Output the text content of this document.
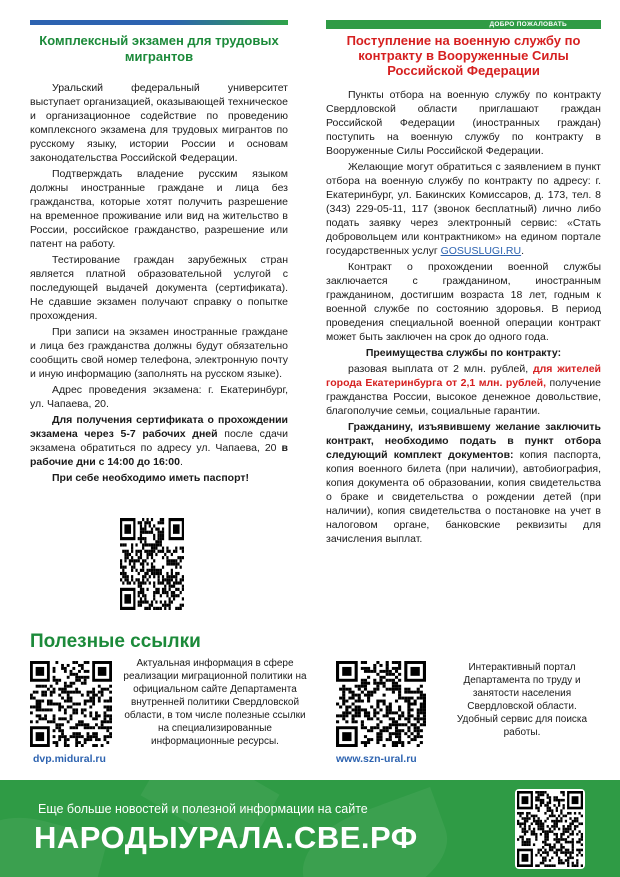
Комплексный экзамен для трудовых мигрантов

Уральский федеральный университет выступает организацией, оказывающей техническое и организационное содействие по проведению комплексного экзамена для трудовых мигрантов по русскому языку, истории России и основам законодательства Российской Федерации.

Подтверждать владение русским языком должны иностранные граждане и лица без гражданства, которые хотят получить разрешение на временное проживание или вид на жительство в России, российское гражданство, разрешение или патент на работу.

Тестирование граждан зарубежных стран является платной образовательной услугой с последующей выдачей документа (сертификата). Не сдавшие экзамен получают справку о попытке прохождения.

При записи на экзамен иностранные граждане и лица без гражданства должны будут обязательно сообщить свой номер телефона, электронную почту и иную информацию (заполнять на русском языке).

Адрес проведения экзамена: г. Екатеринбург, ул. Чапаева, 20.

Для получения сертификата о прохождении экзамена через 5-7 рабочих дней после сдачи экзамена обратиться по адресу ул. Чапаева, 20 в рабочие дни с 14:00 до 16:00.

При себе необходимо иметь паспорт!

ДОБРО ПОЖАЛОВАТЬ
Поступление на военную службу по контракту в Вооруженные Силы Российской Федерации

Пункты отбора на военную службу по контракту Свердловской области приглашают граждан Российской Федерации (иностранных граждан) поступить на военную службу по контракту в Вооруженные Силы Российской Федерации.

Желающие могут обратиться с заявлением в пункт отбора на военную службу по контракту по адресу: г. Екатеринбург, ул. Бакинских Комиссаров, д. 173, тел. 8 (343) 229-05-11, 117 (звонок бесплатный) лично либо подать заявку через электронный сервис: «Стать добровольцем или контрактником» на едином портале государственных услуг GOSUSLUGI.RU.

Контракт о прохождении военной службы заключается с гражданином, иностранным гражданином, достигшим возраста 18 лет, годным к военной службе по состоянию здоровья. В период проведения специальной военной операции контракт может быть заключен на срок до одного года.

Преимущества службы по контракту:

разовая выплата от 2 млн. рублей, для жителей города Екатеринбурга от 2,1 млн. рублей, получение гражданства России, высокое денежное довольствие, благополучие семьи, социальные гарантии.

Гражданину, изъявившему желание заключить контракт, необходимо подать в пункт отбора следующий комплект документов: копия паспорта, копия военного билета (при наличии), автобиография, копия документа об образовании, копия свидетельства о браке и свидетельства о рождении детей (при наличии), копия свидетельства о постановке на учет в налоговом органе, банковские реквизиты для зачисления выплат.

Полезные ссылки
Актуальная информация в сфере реализации миграционной политики на официальном сайте Департамента внутренней политики Свердловской области, в том числе полезные ссылки на специализированные информационные ресурсы.
dvp.midural.ru
Интерактивный портал Департамента по труду и занятости населения Свердловской области. Удобный сервис для поиска работы.
www.szn-ural.ru
Еще больше новостей и полезной информации на сайте
НАРОДЫУРАЛА.СВЕ.РФ
